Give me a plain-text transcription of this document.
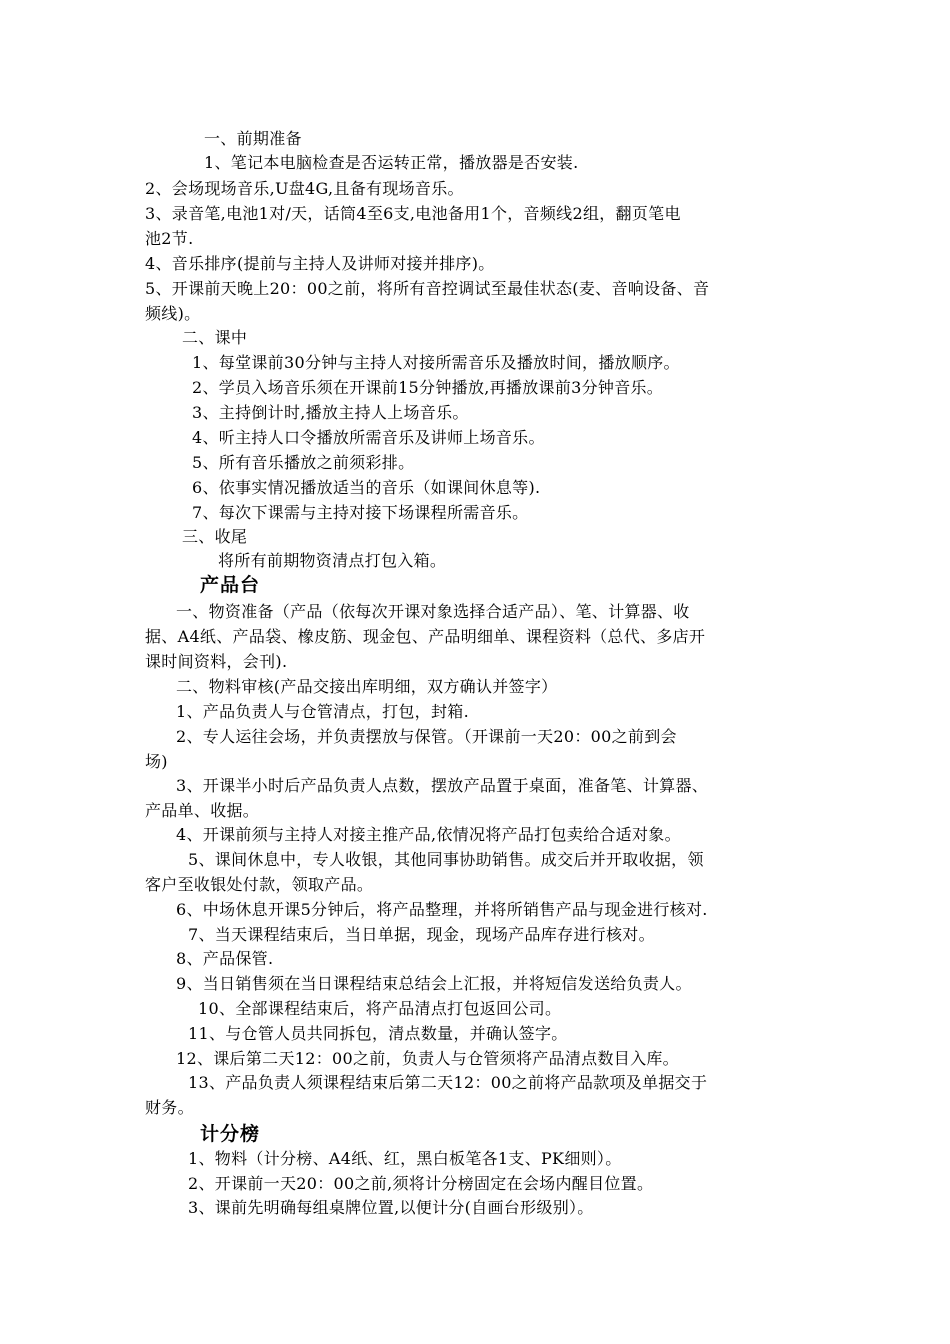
一、前期准备
1、笔记本电脑检查是否运转正常，播放器是否安装.
2、会场现场音乐,U盘4G,且备有现场音乐。
3、录音笔,电池1对/天，话筒4至6支,电池备用1个，音频线2组，翻页笔电
池2节.
4、音乐排序(提前与主持人及讲师对接并排序)。
5、开课前天晚上20：00之前，将所有音控调试至最佳状态(麦、音响设备、音
频线)。
二、课中
1、每堂课前30分钟与主持人对接所需音乐及播放时间，播放顺序。
2、学员入场音乐须在开课前15分钟播放,再播放课前3分钟音乐。
3、主持倒计时,播放主持人上场音乐。
4、听主持人口令播放所需音乐及讲师上场音乐。
5、所有音乐播放之前须彩排。
6、依事实情况播放适当的音乐（如课间休息等).
7、每次下课需与主持对接下场课程所需音乐。
三、收尾
将所有前期物资清点打包入箱。
产品台
一、物资准备（产品（依每次开课对象选择合适产品）、笔、计算器、收
据、A4纸、产品袋、橡皮筋、现金包、产品明细单、课程资料（总代、多店开
课时间资料，会刊).
二、物料审核(产品交接出库明细，双方确认并签字）
1、产品负责人与仓管清点，打包，封箱.
2、专人运往会场，并负责摆放与保管。（开课前一天20：00之前到会
场)
3、开课半小时后产品负责人点数，摆放产品置于桌面，准备笔、计算器、
产品单、收据。
4、开课前须与主持人对接主推产品,依情况将产品打包卖给合适对象。
5、课间休息中，专人收银，其他同事协助销售。成交后并开取收据，领
客户至收银处付款，领取产品。
6、中场休息开课5分钟后，将产品整理，并将所销售产品与现金进行核对.
7、当天课程结束后，当日单据，现金，现场产品库存进行核对。
8、产品保管.
9、当日销售须在当日课程结束总结会上汇报，并将短信发送给负责人。
10、全部课程结束后，将产品清点打包返回公司。
11、与仓管人员共同拆包，清点数量，并确认签字。
12、课后第二天12：00之前，负责人与仓管须将产品清点数目入库。
13、产品负责人须课程结束后第二天12：00之前将产品款项及单据交于
财务。
计分榜
1、物料（计分榜、A4纸、红，黑白板笔各1支、PK细则）。
2、开课前一天20：00之前,须将计分榜固定在会场内醒目位置。
3、课前先明确每组桌牌位置,以便计分(自画台形级别）。
